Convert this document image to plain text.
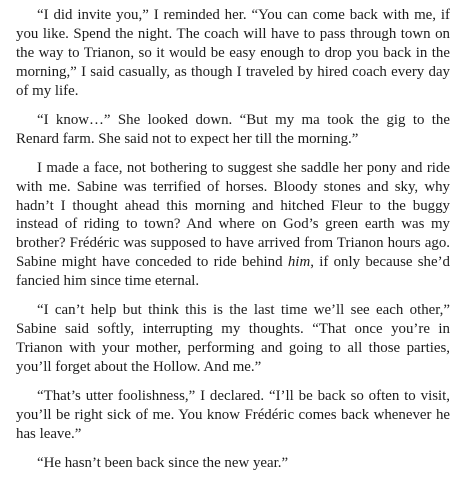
“I did invite you,” I reminded her. “You can come back with me, if you like. Spend the night. The coach will have to pass through town on the way to Trianon, so it would be easy enough to drop you back in the morning,” I said casually, as though I traveled by hired coach every day of my life.

“I know…” She looked down. “But my ma took the gig to the Renard farm. She said not to expect her till the morning.”

I made a face, not bothering to suggest she saddle her pony and ride with me. Sabine was terrified of horses. Bloody stones and sky, why hadn’t I thought ahead this morning and hitched Fleur to the buggy instead of riding to town? And where on God’s green earth was my brother? Frédéric was supposed to have arrived from Trianon hours ago. Sabine might have conceded to ride behind him, if only because she’d fancied him since time eternal.

“I can’t help but think this is the last time we’ll see each other,” Sabine said softly, interrupting my thoughts. “That once you’re in Trianon with your mother, performing and going to all those parties, you’ll forget about the Hollow. And me.”

“That’s utter foolishness,” I declared. “I’ll be back so often to visit, you’ll be right sick of me. You know Frédéric comes back whenever he has leave.”

“He hasn’t been back since the new year.”
